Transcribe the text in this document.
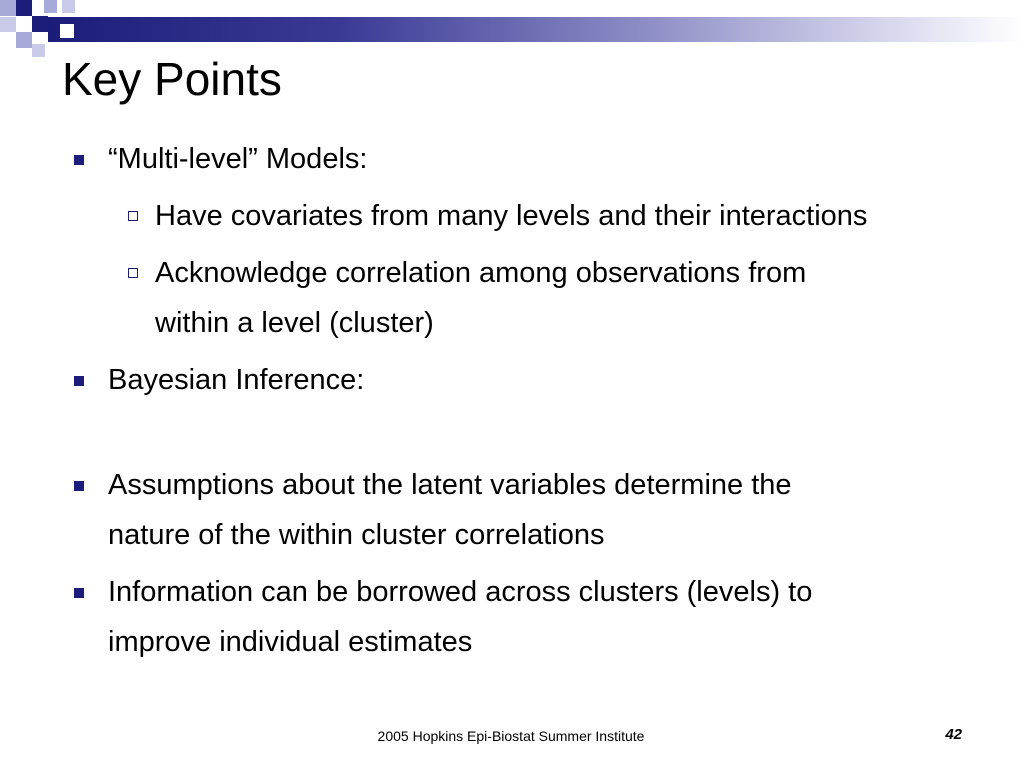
Key Points
“Multi-level” Models:
Have covariates from many levels and their interactions
Acknowledge correlation among observations from
within a level (cluster)
Bayesian Inference:
Assumptions about the latent variables determine the
nature of the within cluster correlations
Information can be borrowed across clusters (levels) to
improve individual estimates
2005 Hopkins Epi-Biostat Summer Institute	42
